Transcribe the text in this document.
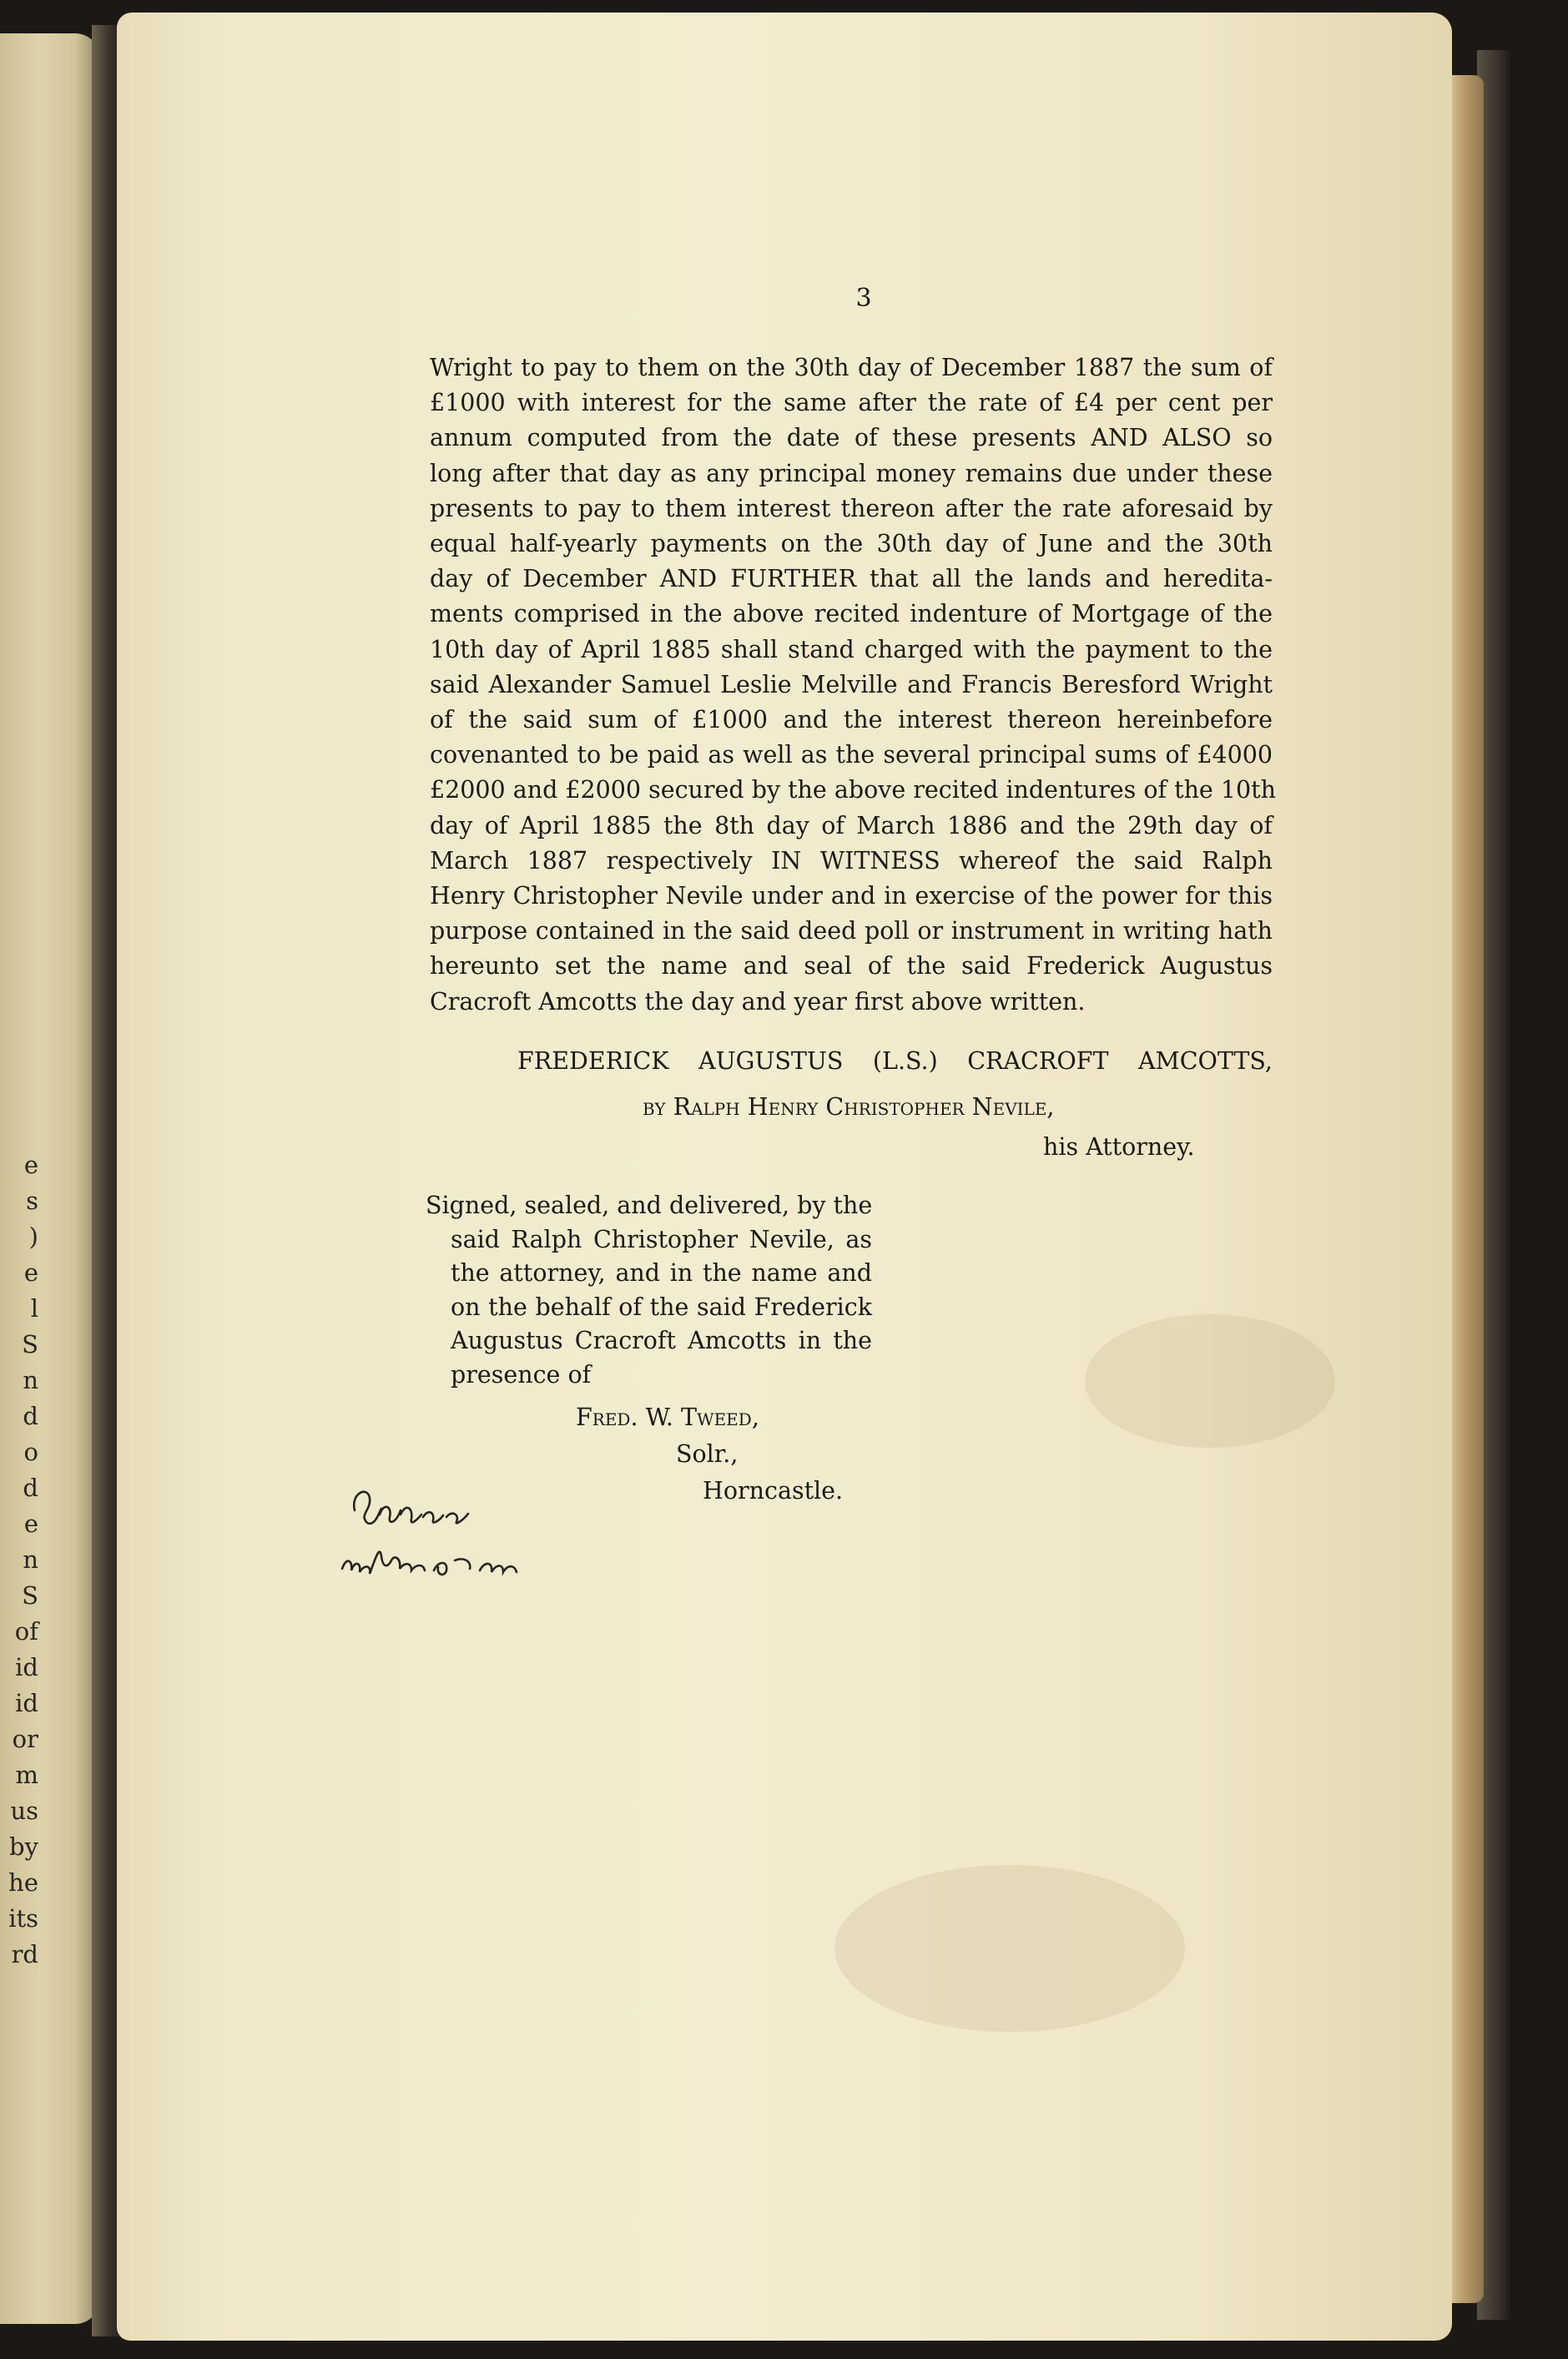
e
s
)
e
l
S
n
d
o
d
e
n
S
of
id
id
or
m
us
by
he
its
rd
3
Wright to pay to them on the 30th day of December 1887 the sum of
£1000 with interest for the same after the rate of £4 per cent per
annum computed from the date of these presents AND ALSO so
long after that day as any principal money remains due under these
presents to pay to them interest thereon after the rate aforesaid by
equal half-yearly payments on the 30th day of June and the 30th
day of December AND FURTHER that all the lands and heredita-
ments comprised in the above recited indenture of Mortgage of the
10th day of April 1885 shall stand charged with the payment to the
said Alexander Samuel Leslie Melville and Francis Beresford Wright
of the said sum of £1000 and the interest thereon hereinbefore
covenanted to be paid as well as the several principal sums of £4000
£2000 and £2000 secured by the above recited indentures of the 10th
day of April 1885 the 8th day of March 1886 and the 29th day of
March 1887 respectively IN WITNESS whereof the said Ralph
Henry Christopher Nevile under and in exercise of the power for this
purpose contained in the said deed poll or instrument in writing hath
hereunto set the name and seal of the said Frederick Augustus
Cracroft Amcotts the day and year first above written.
FREDERICK AUGUSTUS (L.S.) CRACROFT AMCOTTS,
by Ralph Henry Christopher Nevile,
his Attorney.
Signed, sealed, and delivered, by the
said Ralph Christopher Nevile, as
the attorney, and in the name and
on the behalf of the said Frederick
Augustus Cracroft Amcotts in the
presence of
Fred. W. Tweed,
Solr.,
Horncastle.
